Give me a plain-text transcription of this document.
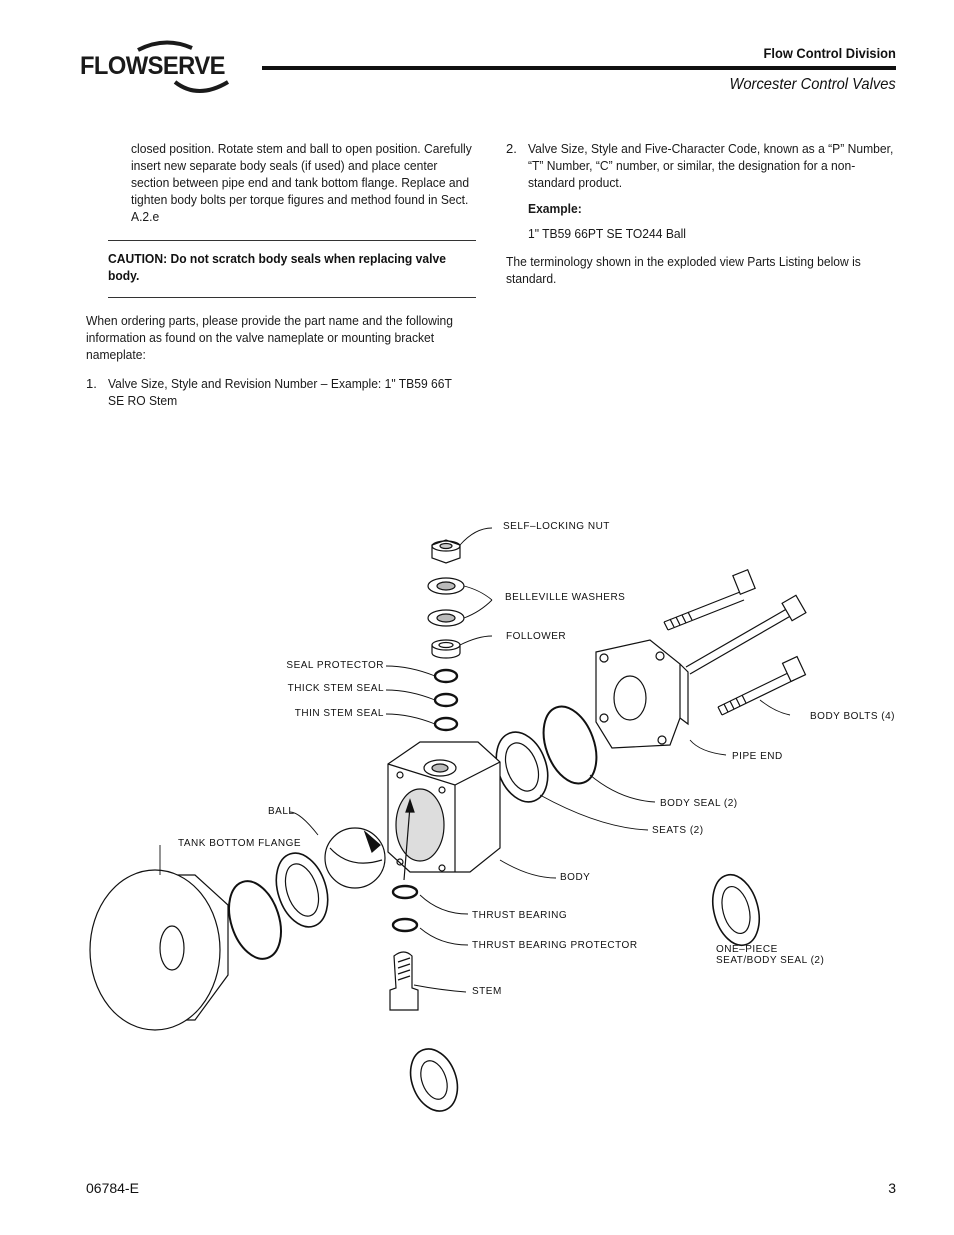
FLOWSERVE	Flow Control Division
Worcester Control Valves

closed position. Rotate stem and ball to open position. Carefully insert new separate body seals (if used) and place center section between pipe end and tank bottom flange. Replace and tighten body bolts per torque figures and method found in Sect. A.2.e

CAUTION: Do not scratch body seals when replacing valve body.

When ordering parts, please provide the part name and the following information as found on the valve nameplate or mounting bracket nameplate:

1. Valve Size, Style and Revision Number – Example: 1" TB59 66T SE RO Stem

2. Valve Size, Style and Five-Character Code, known as a “P” Number, “T” Number, “C” number, or similar, the designation for a non-standard product.

Example:
1" TB59 66PT SE TO244 Ball

The terminology shown in the exploded view Parts Listing below is standard.

SELF–LOCKING NUT
BELLEVILLE WASHERS
FOLLOWER
SEAL PROTECTOR
THICK STEM SEAL
THIN STEM SEAL	BODY BOLTS (4)
PIPE END
BALL
BODY SEAL (2)
TANK BOTTOM FLANGE
SEATS (2)
BODY
THRUST BEARING
THRUST BEARING PROTECTOR	ONE–PIECE
SEAT/BODY SEAL (2)
STEM
06784-E	3
